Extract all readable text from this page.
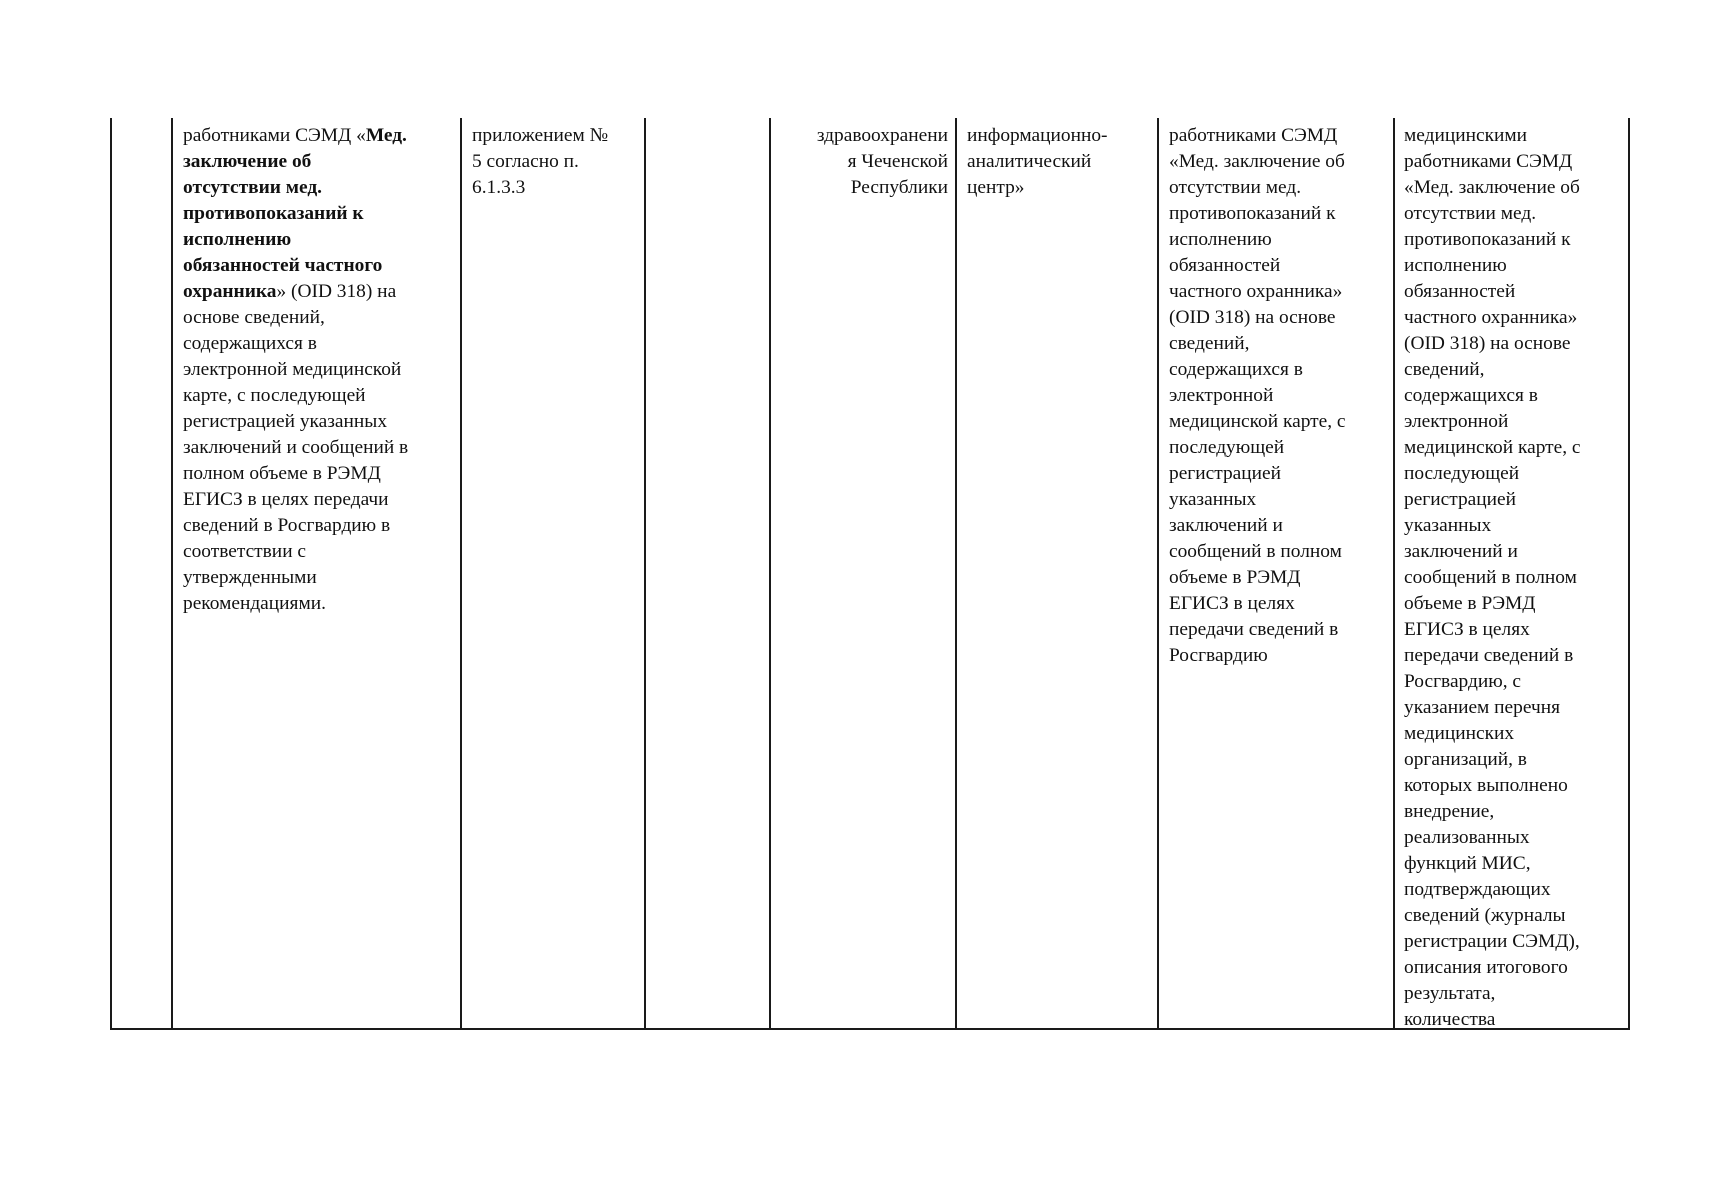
работниками СЭМД «Мед.
заключение об
отсутствии мед.
противопоказаний к
исполнению
обязанностей частного
охранника» (OID 318) на
основе сведений,
содержащихся в
электронной медицинской
карте, с последующей
регистрацией указанных
заключений и сообщений в
полном объеме в РЭМД
ЕГИСЗ в целях передачи
сведений в Росгвардию в
соответствии с
утвержденными
рекомендациями.
приложением №
5 согласно п.
6.1.3.3
здравоохранени
я Чеченской
Республики
информационно-
аналитический
центр»
работниками СЭМД
«Мед. заключение об
отсутствии мед.
противопоказаний к
исполнению
обязанностей
частного охранника»
(OID 318) на основе
сведений,
содержащихся в
электронной
медицинской карте, с
последующей
регистрацией
указанных
заключений и
сообщений в полном
объеме в РЭМД
ЕГИСЗ в целях
передачи сведений в
Росгвардию
медицинскими
работниками СЭМД
«Мед. заключение об
отсутствии мед.
противопоказаний к
исполнению
обязанностей
частного охранника»
(OID 318) на основе
сведений,
содержащихся в
электронной
медицинской карте, с
последующей
регистрацией
указанных
заключений и
сообщений в полном
объеме в РЭМД
ЕГИСЗ в целях
передачи сведений в
Росгвардию, с
указанием перечня
медицинских
организаций, в
которых выполнено
внедрение,
реализованных
функций МИС,
подтверждающих
сведений (журналы
регистрации СЭМД),
описания итогового
результата,
количества
